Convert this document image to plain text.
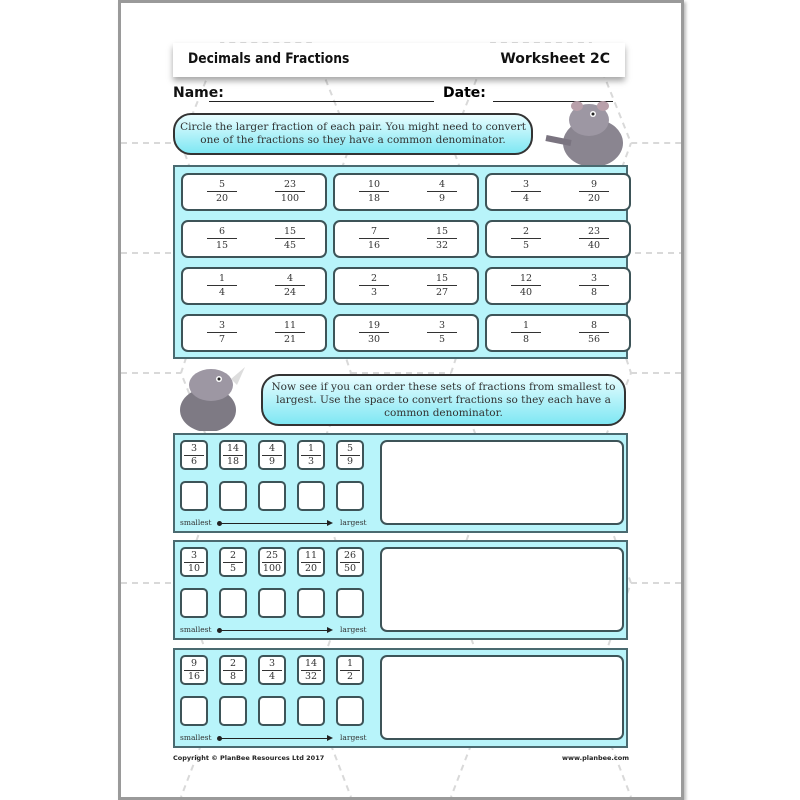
Decimals and Fractions	Worksheet 2C
Name:	Date:
Circle the larger fraction of each pair. You might need to convert one of the fractions so they have a common denominator.
$\frac{5}{20}$	$\frac{23}{100}$	$\frac{10}{18}$	$\frac{4}{9}$	$\frac{3}{4}$	$\frac{9}{20}$
$\frac{6}{15}$	$\frac{15}{45}$	$\frac{7}{16}$	$\frac{15}{32}$	$\frac{2}{5}$	$\frac{23}{40}$
$\frac{1}{4}$	$\frac{4}{24}$	$\frac{2}{3}$	$\frac{15}{27}$	$\frac{12}{40}$	$\frac{3}{8}$
$\frac{3}{7}$	$\frac{11}{21}$	$\frac{19}{30}$	$\frac{3}{5}$	$\frac{1}{8}$	$\frac{8}{56}$
Now see if you can order these sets of fractions from smallest to largest. Use the space to convert fractions so they each have a common denominator.
$\frac{3}{6} \frac{14}{18} \frac{4}{9} \frac{1}{3} \frac{5}{9}$
smallest	largest
$\frac{3}{10} \frac{2}{5} \frac{25}{100} \frac{11}{20} \frac{26}{50}$
smallest	largest
$\frac{9}{16} \frac{2}{8} \frac{3}{4} \frac{14}{32} \frac{1}{2}$
smallest	largest
Copyright © PlanBee Resources Ltd 2017	www.planbee.com
